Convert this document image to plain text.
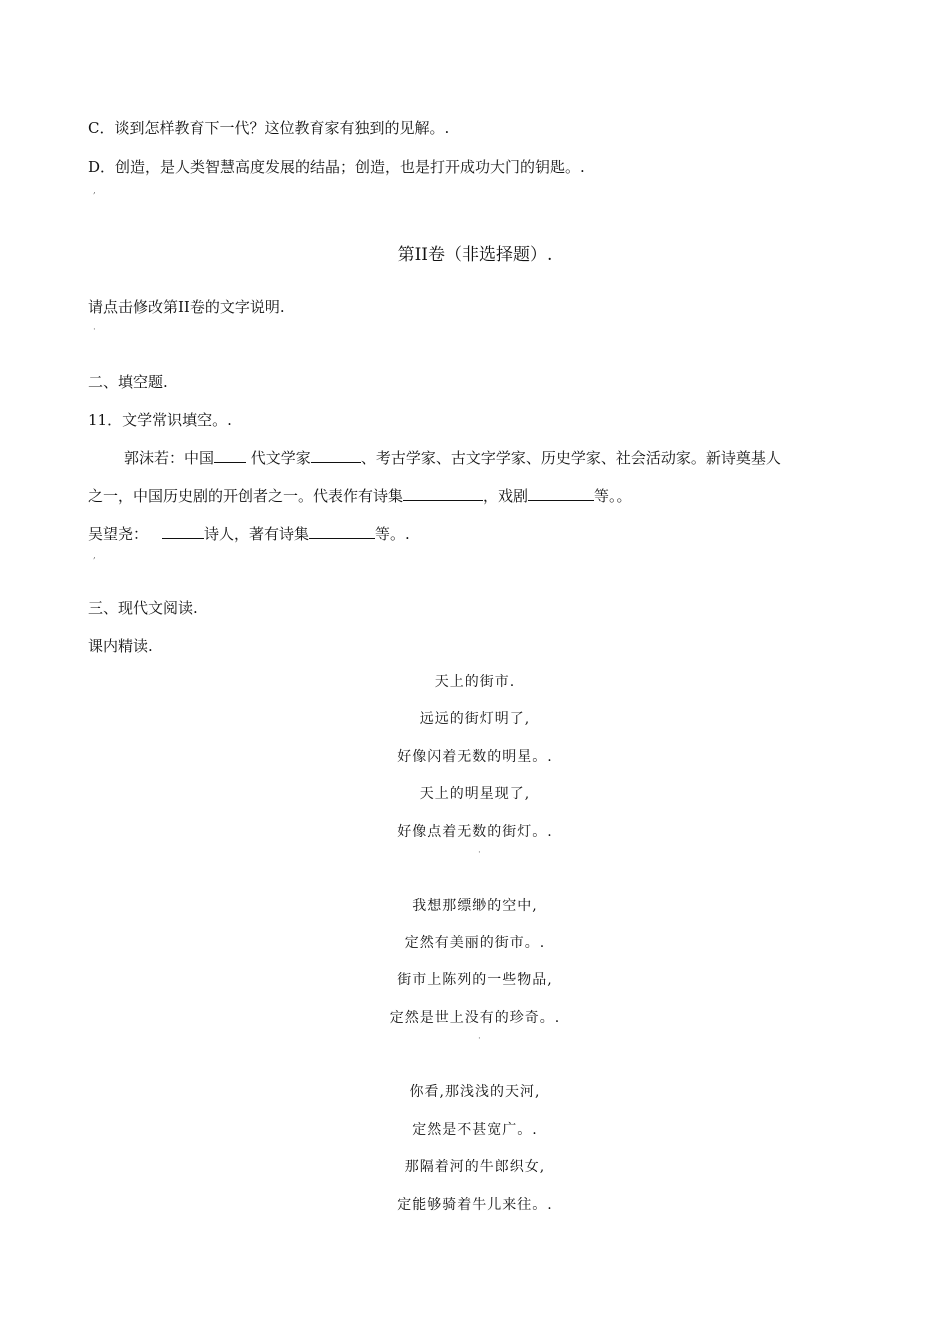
C．谈到怎样教育下一代？这位教育家有独到的见解。.
D．创造，是人类智慧高度发展的结晶；创造，也是打开成功大门的钥匙。.
,
第II卷（非选择题）.
请点击修改第II卷的文字说明.
·
二、填空题.
11．文学常识填空。.
郭沫若：中国 代文学家	、考古学家、古文字学家、历史学家、社会活动家。新诗奠基人
之一，中国历史剧的开创者之一。代表作有诗集	，戏剧	等。。
吴望尧：	诗人，著有诗集	等。.
,
三、现代文阅读.
课内精读.
天上的街市.
远远的街灯明了,
好像闪着无数的明星。.
天上的明星现了,
好像点着无数的街灯。.
·
我想那缥缈的空中,
定然有美丽的街市。.
街市上陈列的一些物品,
定然是世上没有的珍奇。.
·
你看,那浅浅的天河,
定然是不甚宽广。.
那隔着河的牛郎织女,
定能够骑着牛儿来往。.
